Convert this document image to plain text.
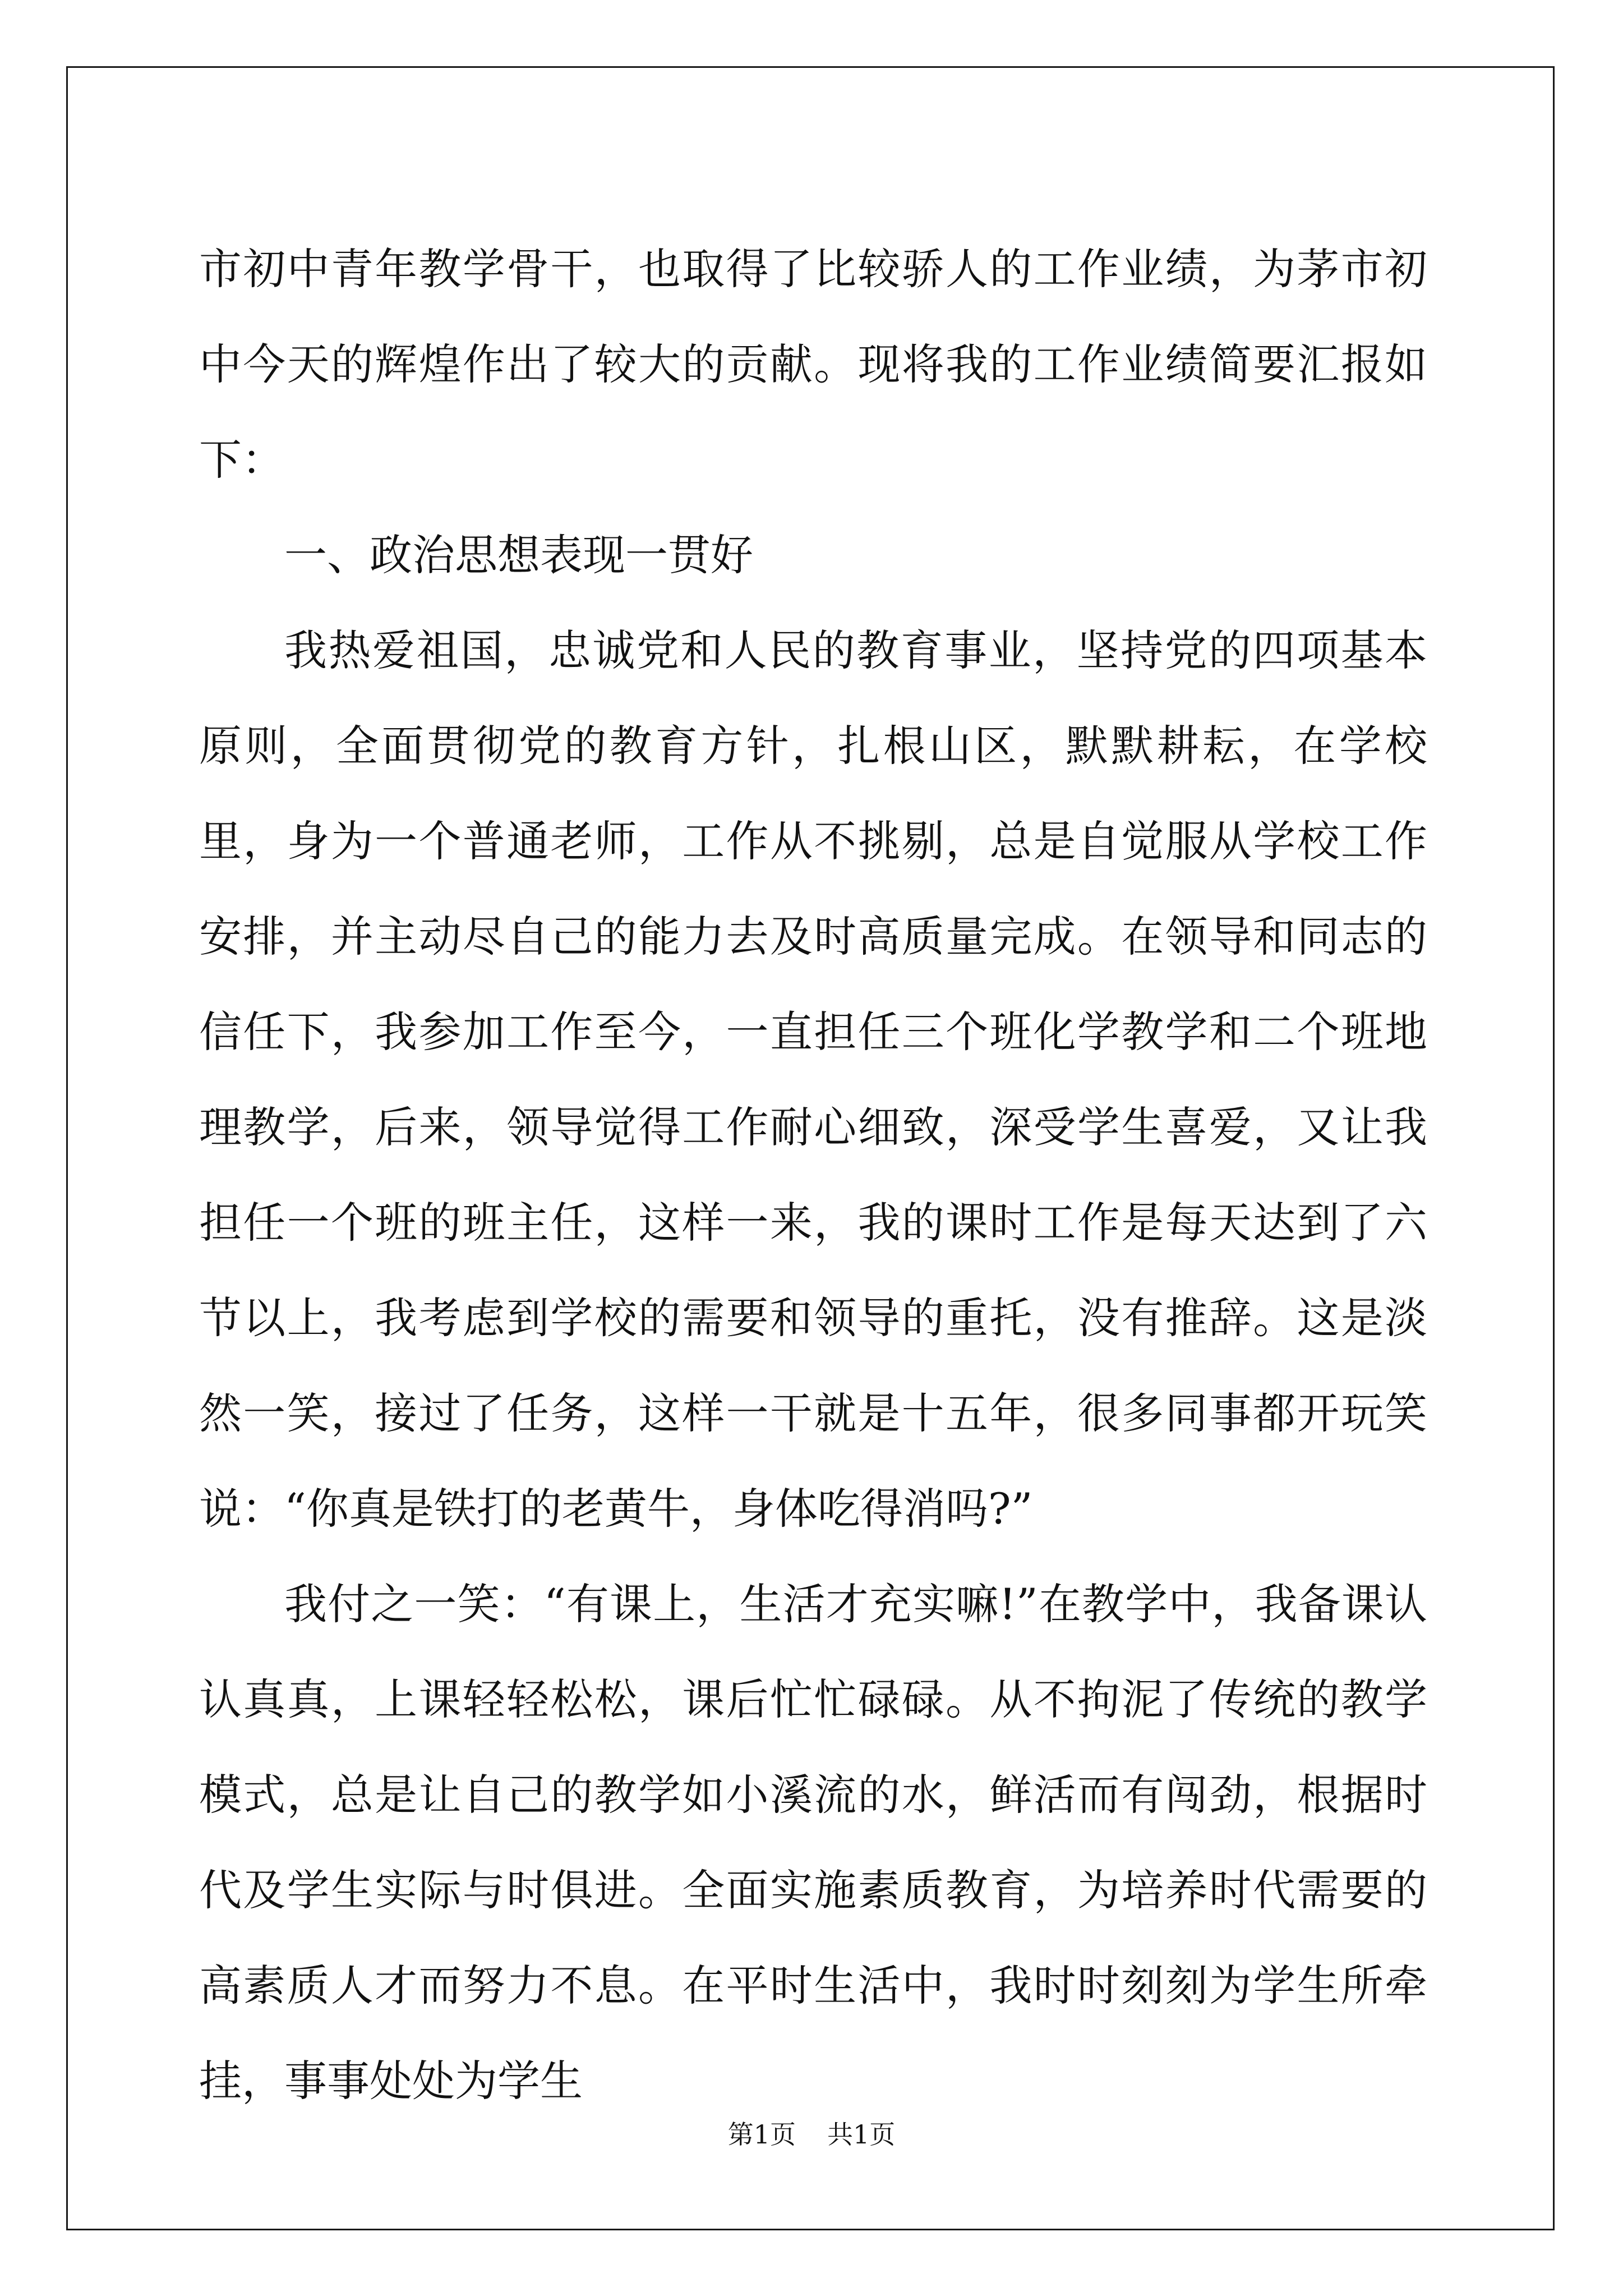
市初中青年教学骨干，也取得了比较骄人的工作业绩，为茅市初中今天的辉煌作出了较大的贡献。现将我的工作业绩简要汇报如下：

一、政治思想表现一贯好

我热爱祖国，忠诚党和人民的教育事业，坚持党的四项基本原则，全面贯彻党的教育方针，扎根山区，默默耕耘，在学校里，身为一个普通老师，工作从不挑剔，总是自觉服从学校工作安排，并主动尽自己的能力去及时高质量完成。在领导和同志的信任下，我参加工作至今，一直担任三个班化学教学和二个班地理教学，后来，领导觉得工作耐心细致，深受学生喜爱，又让我担任一个班的班主任，这样一来，我的课时工作是每天达到了六节以上，我考虑到学校的需要和领导的重托，没有推辞。这是淡然一笑，接过了任务，这样一干就是十五年，很多同事都开玩笑说：“你真是铁打的老黄牛，身体吃得消吗?”

我付之一笑：“有课上，生活才充实嘛!”在教学中，我备课认认真真，上课轻轻松松，课后忙忙碌碌。从不拘泥了传统的教学模式，总是让自己的教学如小溪流的水，鲜活而有闯劲，根据时代及学生实际与时俱进。全面实施素质教育，为培养时代需要的高素质人才而努力不息。在平时生活中，我时时刻刻为学生所牵挂，事事处处为学生

第1页 共1页
